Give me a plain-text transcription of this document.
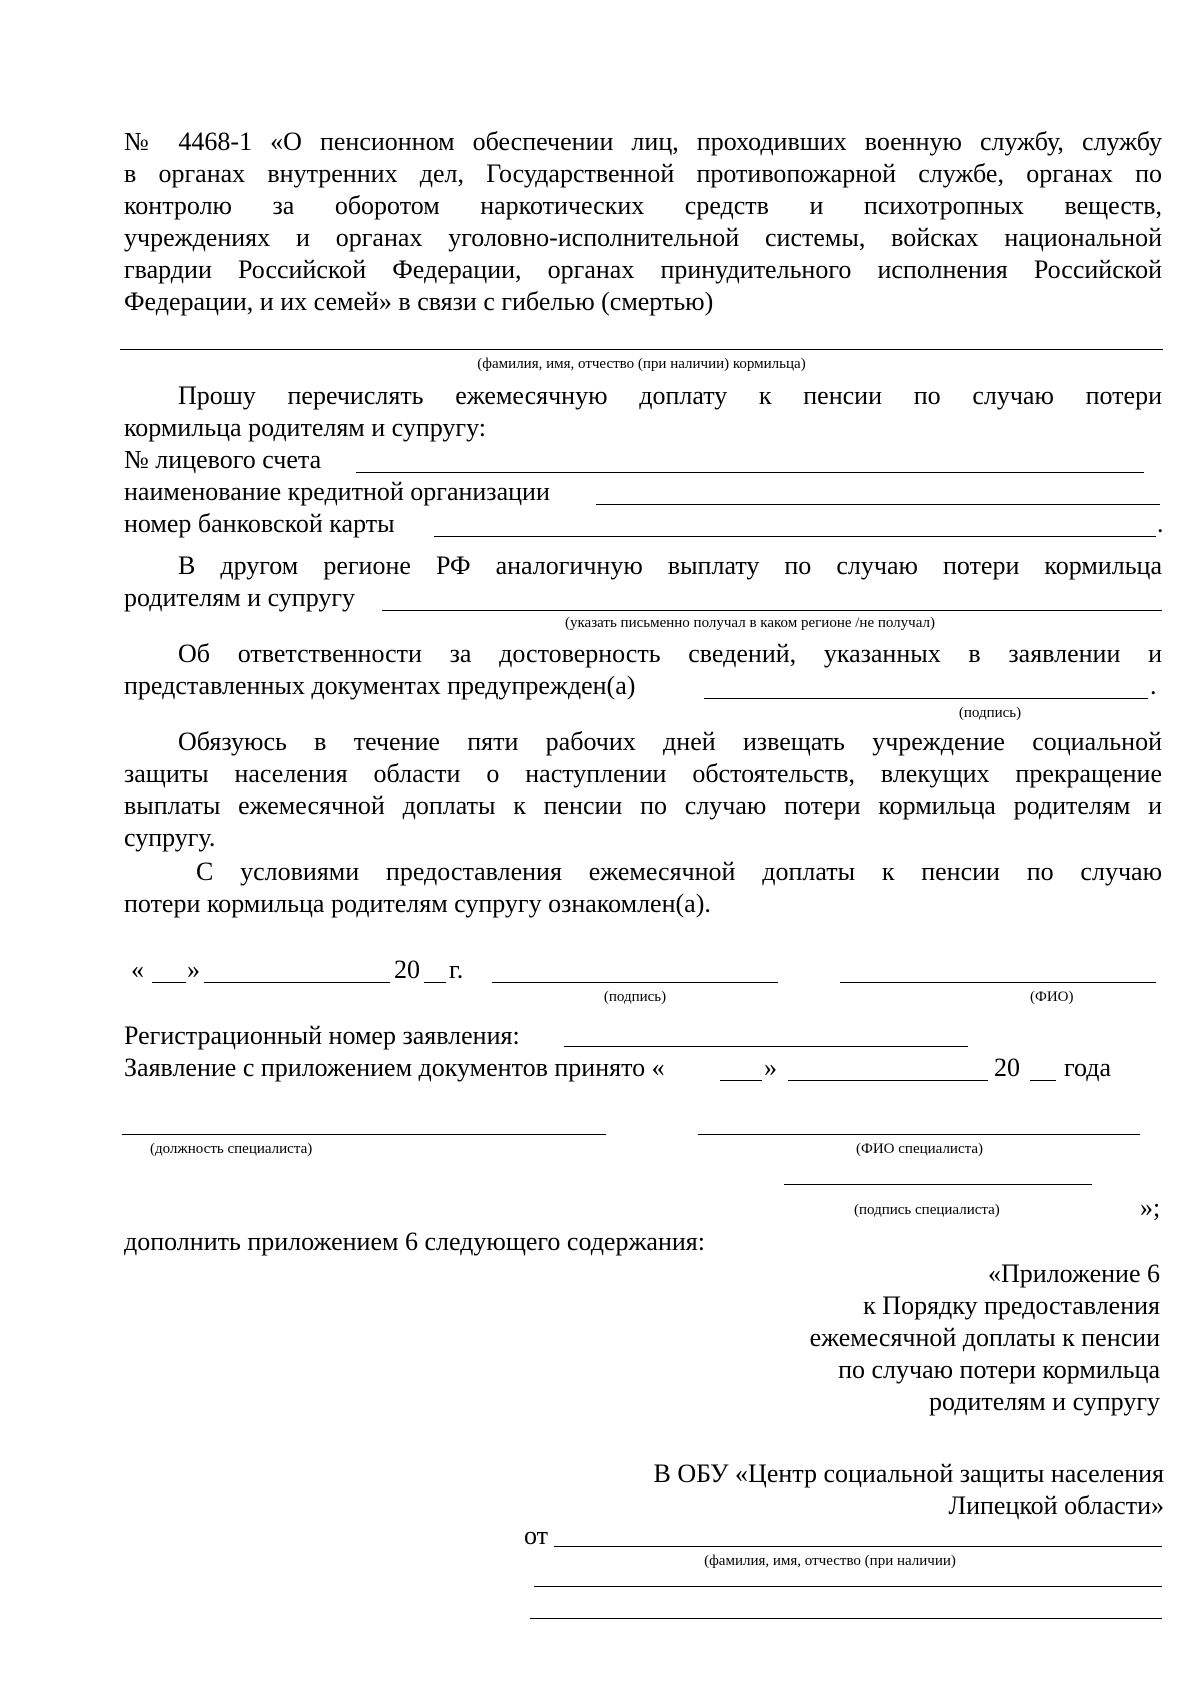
№ 4468-1 «О пенсионном обеспечении лиц, проходивших военную службу, службу
в органах внутренних дел, Государственной противопожарной службе, органах по
контролю за оборотом наркотических средств и психотропных веществ,
учреждениях и органах уголовно-исполнительной системы, войсках национальной
гвардии Российской Федерации, органах принудительного исполнения Российской
Федерации, и их семей» в связи с гибелью (смертью)
(фамилия, имя, отчество (при наличии) кормильца)
Прошу перечислять ежемесячную доплату к пенсии по случаю потери
кормильца родителям и супругу:
№ лицевого счета
наименование кредитной организации
номер банковской карты	.
В другом регионе РФ аналогичную выплату по случаю потери кормильца
родителям и супругу
(указать письменно получал в каком регионе /не получал)
Об ответственности за достоверность сведений, указанных в заявлении и
представленных документах предупрежден(а)	.
(подпись)
Обязуюсь в течение пяти рабочих дней извещать учреждение социальной
защиты населения области о наступлении обстоятельств, влекущих прекращение
выплаты ежемесячной доплаты к пенсии по случаю потери кормильца родителям и
супругу.
С условиями предоставления ежемесячной доплаты к пенсии по случаю
потери кормильца родителям супругу ознакомлен(а).
« »	20 г.
(подпись)	(ФИО)
Регистрационный номер заявления:
Заявление с приложением документов принято «	»	20 года
(должность специалиста)	(ФИО специалиста)
(подпись специалиста)	»;
дополнить приложением 6 следующего содержания:
«Приложение 6
к Порядку предоставления
ежемесячной доплаты к пенсии
по случаю потери кормильца
родителям и супругу
В ОБУ «Центр социальной защиты населения
Липецкой области»
от
(фамилия, имя, отчество (при наличии)
